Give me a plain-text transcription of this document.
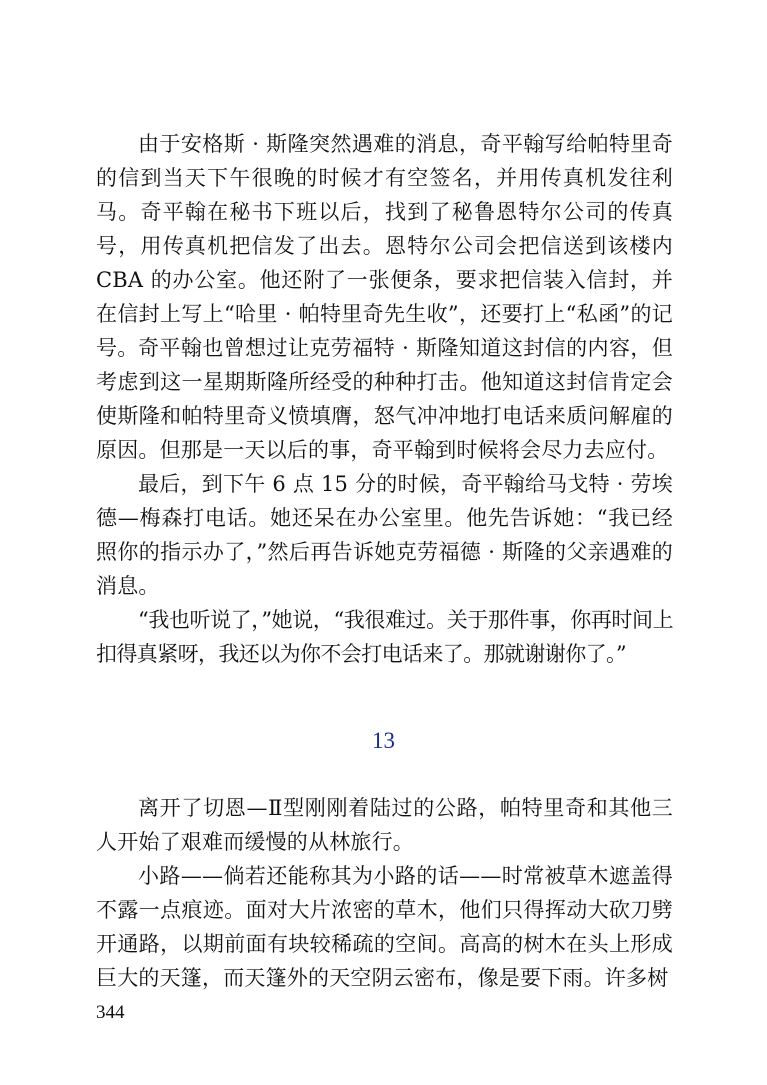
由于安格斯 · 斯隆突然遇难的消息，奇平翰写给帕特里奇的信到当天下午很晚的时候才有空签名，并用传真机发往利马。奇平翰在秘书下班以后，找到了秘鲁恩特尔公司的传真号，用传真机把信发了出去。恩特尔公司会把信送到该楼内 CBA 的办公室。他还附了一张便条，要求把信装入信封，并在信封上写上“哈里 · 帕特里奇先生收”，还要打上“私函”的记号。 奇平翰也曾想过让克劳福特 · 斯隆知道这封信的内容，但考虑到这一星期斯隆所经受的种种打击。他知道这封信肯定会使斯隆和帕特里奇义愤填膺，怒气冲冲地打电话来质问解雇的原因。但那是一天以后的事，奇平翰到时候将会尽力去应付。

最后，到下午 6 点 15 分的时候，奇平翰给马戈特 · 劳埃德—梅森打电话。她还呆在办公室里。他先告诉她：“我已经照你的指示办了，”然后再告诉她克劳福德 · 斯隆的父亲遇难的消息。

“我也听说了，”她说，“我很难过。关于那件事，你再时间上扣得真紧呀，我还以为你不会打电话来了。那就谢谢你了。”

13

离开了切恩—Ⅱ型刚刚着陆过的公路，帕特里奇和其他三人开始了艰难而缓慢的从林旅行。

小路——倘若还能称其为小路的话——时常被草木遮盖得不露一点痕迹。面对大片浓密的草木，他们只得挥动大砍刀劈开通路，以期前面有块较稀疏的空间。高高的树木在头上形成巨大的天篷，而天篷外的天空阴云密布，像是要下雨。许多树

344
